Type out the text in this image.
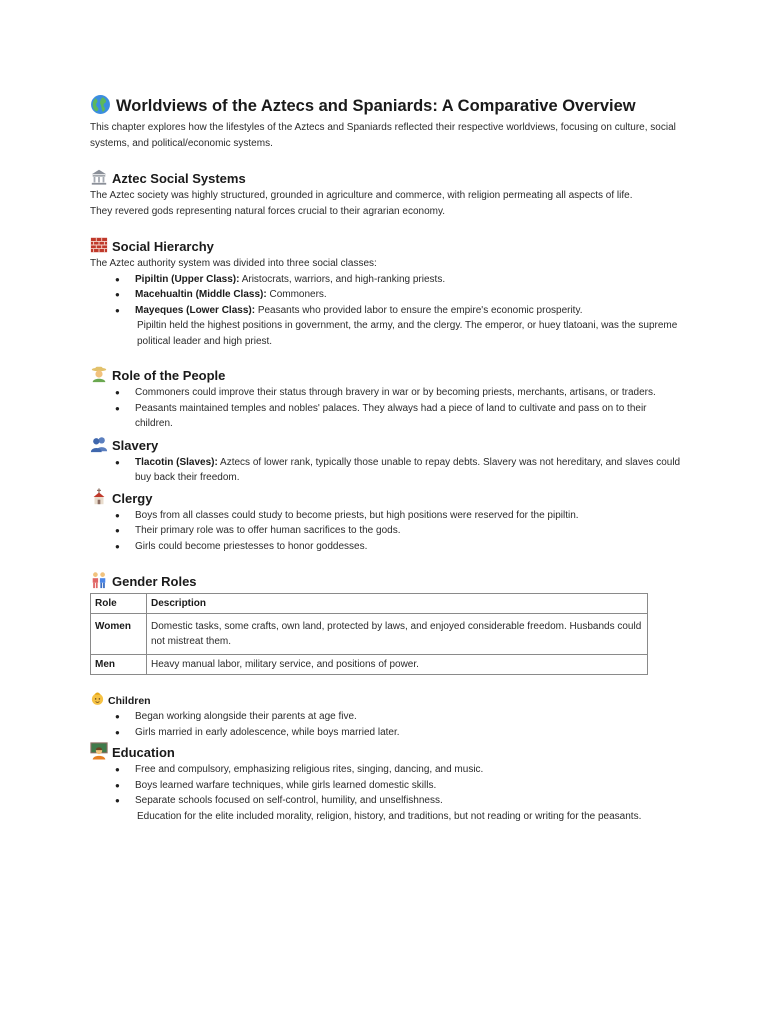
Worldviews of the Aztecs and Spaniards: A Comparative Overview

This chapter explores how the lifestyles of the Aztecs and Spaniards reflected their respective worldviews, focusing on culture, social systems, and political/economic systems.

Aztec Social Systems

The Aztec society was highly structured, grounded in agriculture and commerce, with religion permeating all aspects of life. They revered gods representing natural forces crucial to their agrarian economy.

Social Hierarchy

The Aztec authority system was divided into three social classes:

● Pipiltin (Upper Class): Aristocrats, warriors, and high-ranking priests.
● Macehualtin (Middle Class): Commoners.
● Mayeques (Lower Class): Peasants who provided labor to ensure the empire's economic prosperity.
Pipiltin held the highest positions in government, the army, and the clergy. The emperor, or huey tlatoani, was the supreme political leader and high priest.
Role of the People
● Commoners could improve their status through bravery in war or by becoming priests, merchants, artisans, or traders.
● Peasants maintained temples and nobles' palaces. They always had a piece of land to cultivate and pass on to their children.
Slavery
● Tlacotin (Slaves): Aztecs of lower rank, typically those unable to repay debts. Slavery was not hereditary, and slaves could buy back their freedom.
Clergy
● Boys from all classes could study to become priests, but high positions were reserved for the pipiltin.
● Their primary role was to offer human sacrifices to the gods.
● Girls could become priestesses to honor goddesses.
Gender Roles
Role	Description
Women	Domestic tasks, some crafts, own land, protected by laws, and enjoyed considerable freedom. Husbands could not mistreat them.
Men	Heavy manual labor, military service, and positions of power.
Children
● Began working alongside their parents at age five.
● Girls married in early adolescence, while boys married later.
Education
● Free and compulsory, emphasizing religious rites, singing, dancing, and music.
● Boys learned warfare techniques, while girls learned domestic skills.
● Separate schools focused on self-control, humility, and unselfishness.
Education for the elite included morality, religion, history, and traditions, but not reading or writing for the peasants.
